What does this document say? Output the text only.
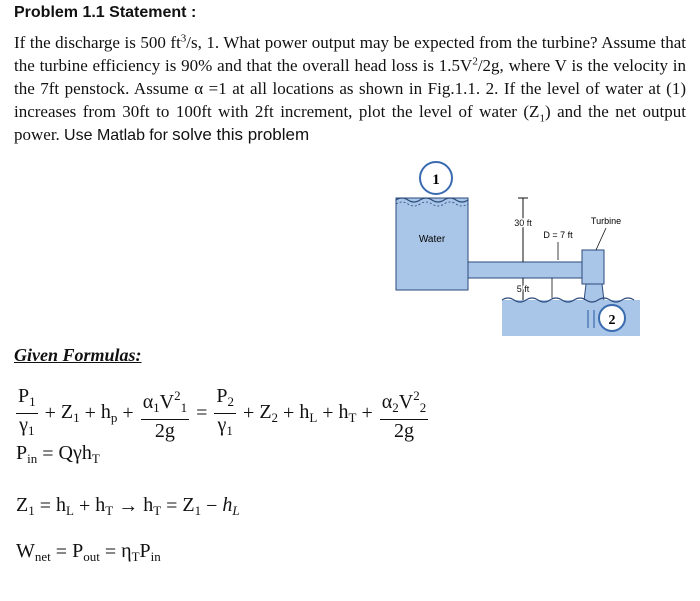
Problem 1.1 Statement :
If the discharge is 500 $ft^3/s$, 1. What power output may be expected from the turbine? Assume that the turbine efficiency is 90% and that the overall head loss is $1.5V^2/2g$, where V is the velocity in the 7ft penstock. Assume α =1 at all locations as shown in Fig.1.1. 2. If the level of water at (1) increases from 30ft to 100ft with 2ft increment, plot the level of water $(Z_1)$ and the net output power. Use Matlab for solve this problem
1
Water
30 ft
D = 7 ft
Turbine
5 ft
2
Given Formulas:
$\frac{P_1}{\gamma_1} + Z_1 + h_p + \frac{\alpha_1V^2_1}{2g} = \frac{P_2}{\gamma_1} + Z_2 + h_L + h_T + \frac{\alpha_2V^2_2}{2g}$
$P_{in} = Q\gamma h_T$
$Z_1 = h_L + h_T \to h_T = Z_1 - h_L$
$W_{net} = P_{out} = \eta_TP_{in}$
